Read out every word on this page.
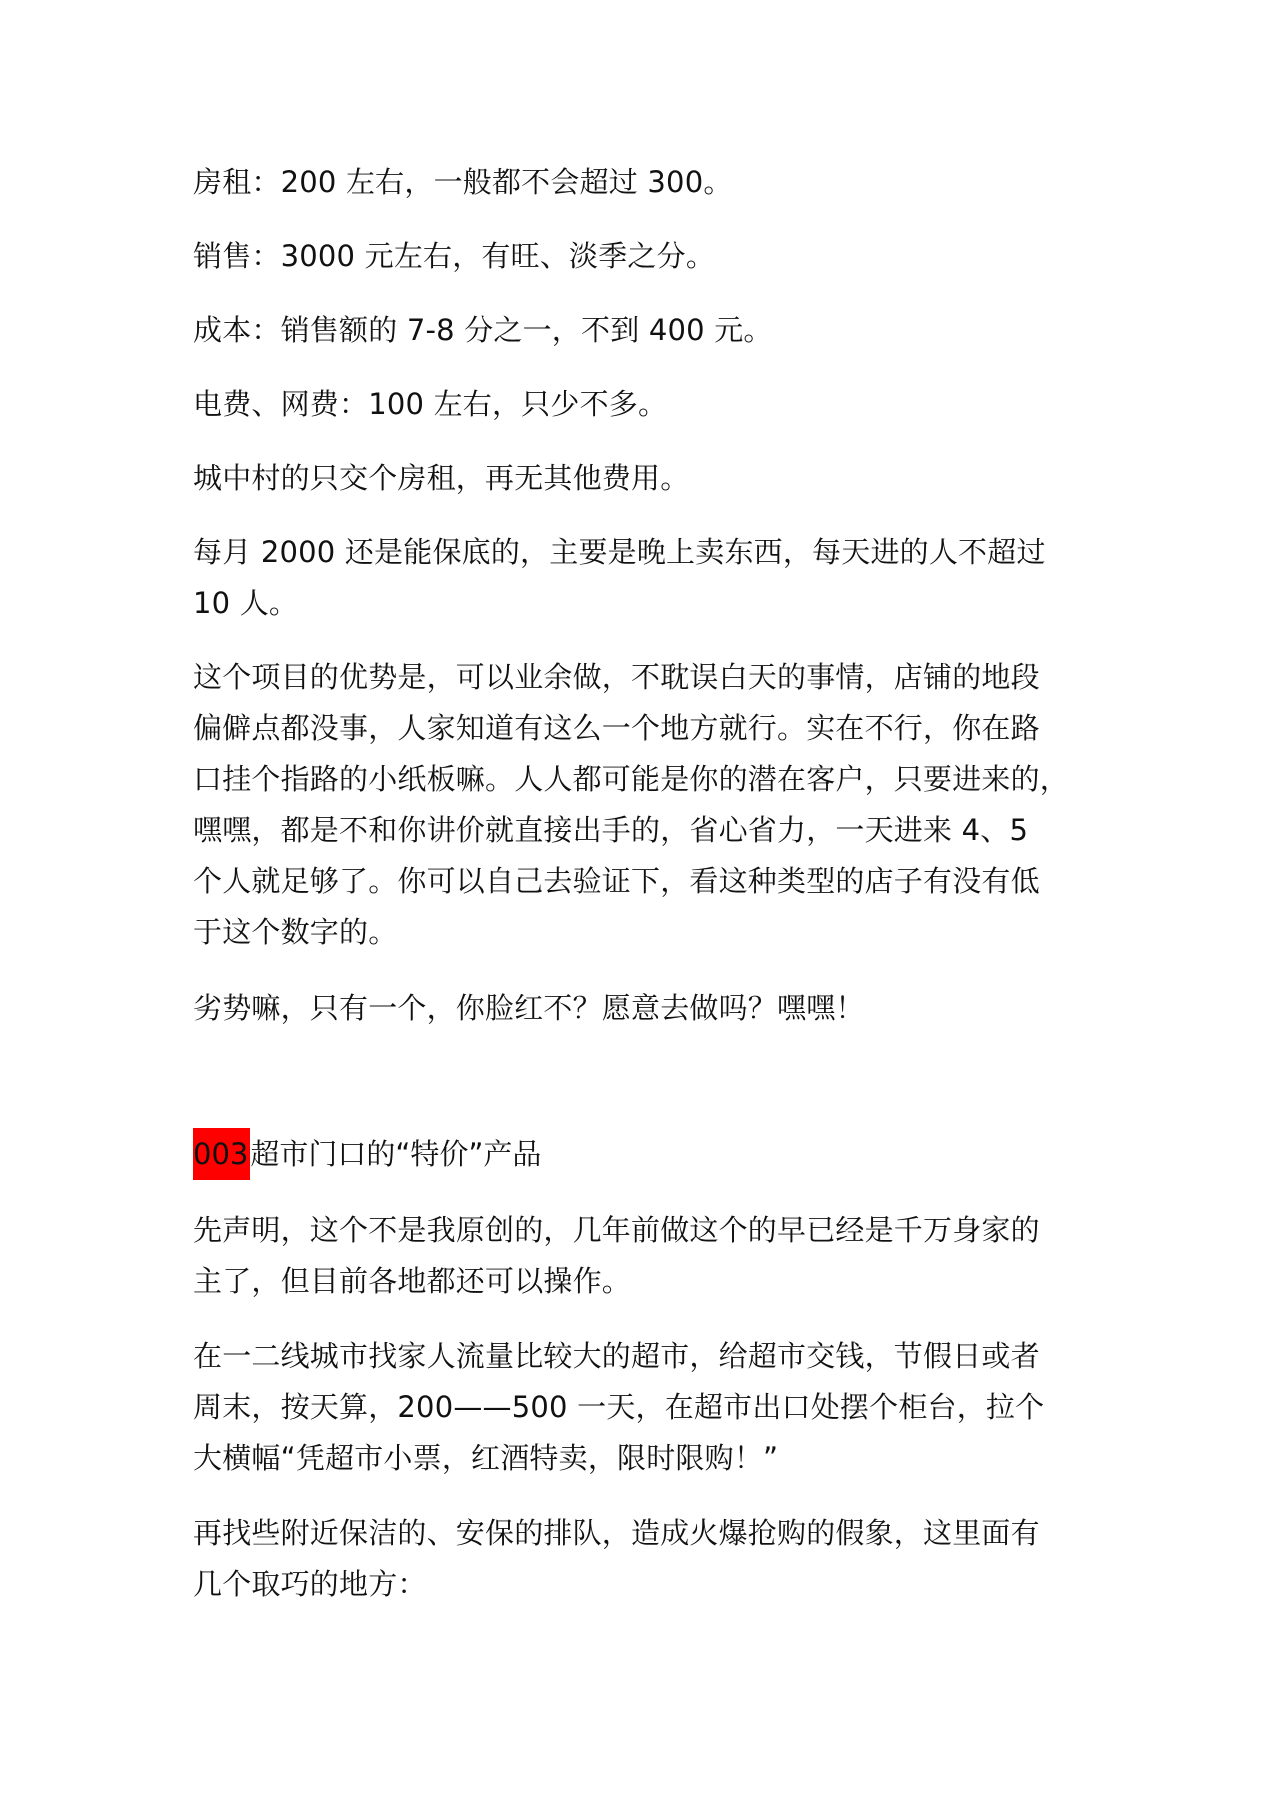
房租：200 左右，一般都不会超过 300。
销售：3000 元左右，有旺、淡季之分。
成本：销售额的 7-8 分之一，不到 400 元。
电费、网费：100 左右，只少不多。
城中村的只交个房租，再无其他费用。
每月 2000 还是能保底的，主要是晚上卖东西，每天进的人不超过
10 人。
这个项目的优势是，可以业余做，不耽误白天的事情，店铺的地段
偏僻点都没事，人家知道有这么一个地方就行。实在不行，你在路
口挂个指路的小纸板嘛。人人都可能是你的潜在客户，只要进来的，
嘿嘿，都是不和你讲价就直接出手的，省心省力，一天进来 4、5
个人就足够了。你可以自己去验证下，看这种类型的店子有没有低
于这个数字的。
劣势嘛，只有一个，你脸红不？愿意去做吗？嘿嘿！
003超市门口的“特价”产品
先声明，这个不是我原创的，几年前做这个的早已经是千万身家的
主了，但目前各地都还可以操作。
在一二线城市找家人流量比较大的超市，给超市交钱，节假日或者
周末，按天算，200——500 一天，在超市出口处摆个柜台，拉个
大横幅“凭超市小票，红酒特卖，限时限购！”
再找些附近保洁的、安保的排队，造成火爆抢购的假象，这里面有
几个取巧的地方：
